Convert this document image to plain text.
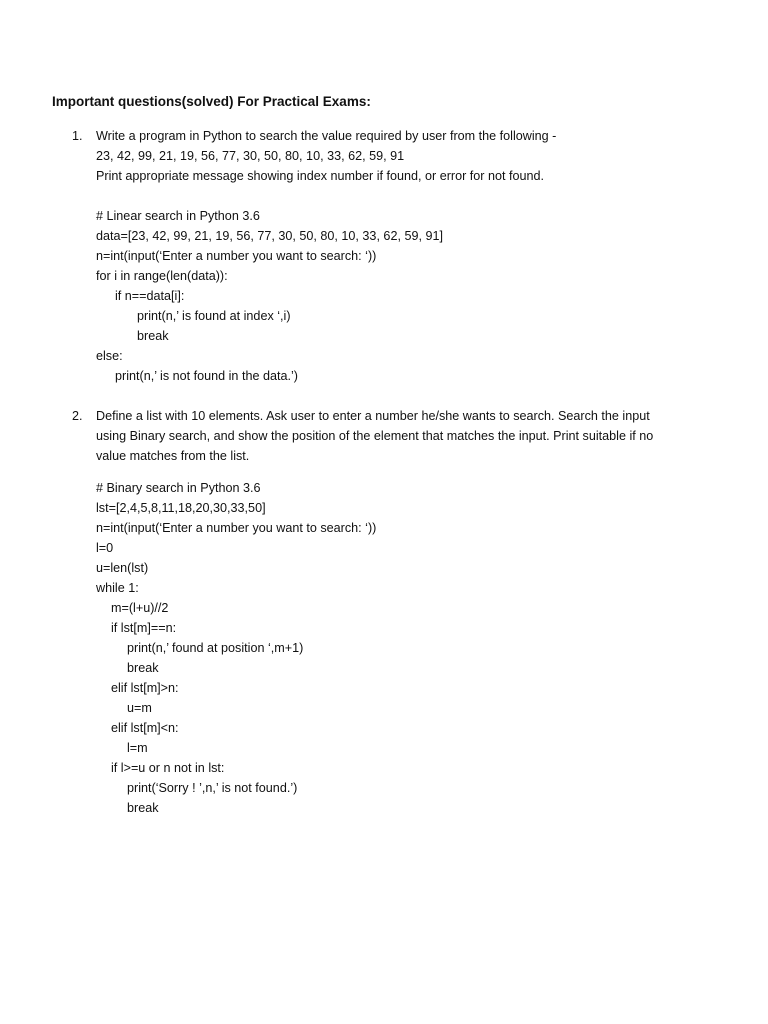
Important questions(solved) For Practical Exams:
1. Write a program in Python to search the value required by user from the following -
23, 42, 99, 21, 19, 56, 77, 30, 50, 80, 10, 33, 62, 59, 91
Print appropriate message showing index number if found, or error for not found.
# Linear search in Python 3.6
data=[23, 42, 99, 21, 19, 56, 77, 30, 50, 80, 10, 33, 62, 59, 91]
n=int(input(‘Enter a number you want to search: ‘))
for i in range(len(data)):
if n==data[i]:
print(n,’ is found at index ‘,i)
break
else:
print(n,’ is not found in the data.’)
2. Define a list with 10 elements. Ask user to enter a number he/she wants to search. Search the input
using Binary search, and show the position of the element that matches the input. Print suitable if no
value matches from the list.
# Binary search in Python 3.6
lst=[2,4,5,8,11,18,20,30,33,50]
n=int(input(‘Enter a number you want to search: ‘))
l=0
u=len(lst)
while 1:
m=(l+u)//2
if lst[m]==n:
print(n,’ found at position ‘,m+1)
break
elif lst[m]>n:
u=m
elif lst[m]<n:
l=m
if l>=u or n not in lst:
print(‘Sorry ! ’,n,’ is not found.’)
break
